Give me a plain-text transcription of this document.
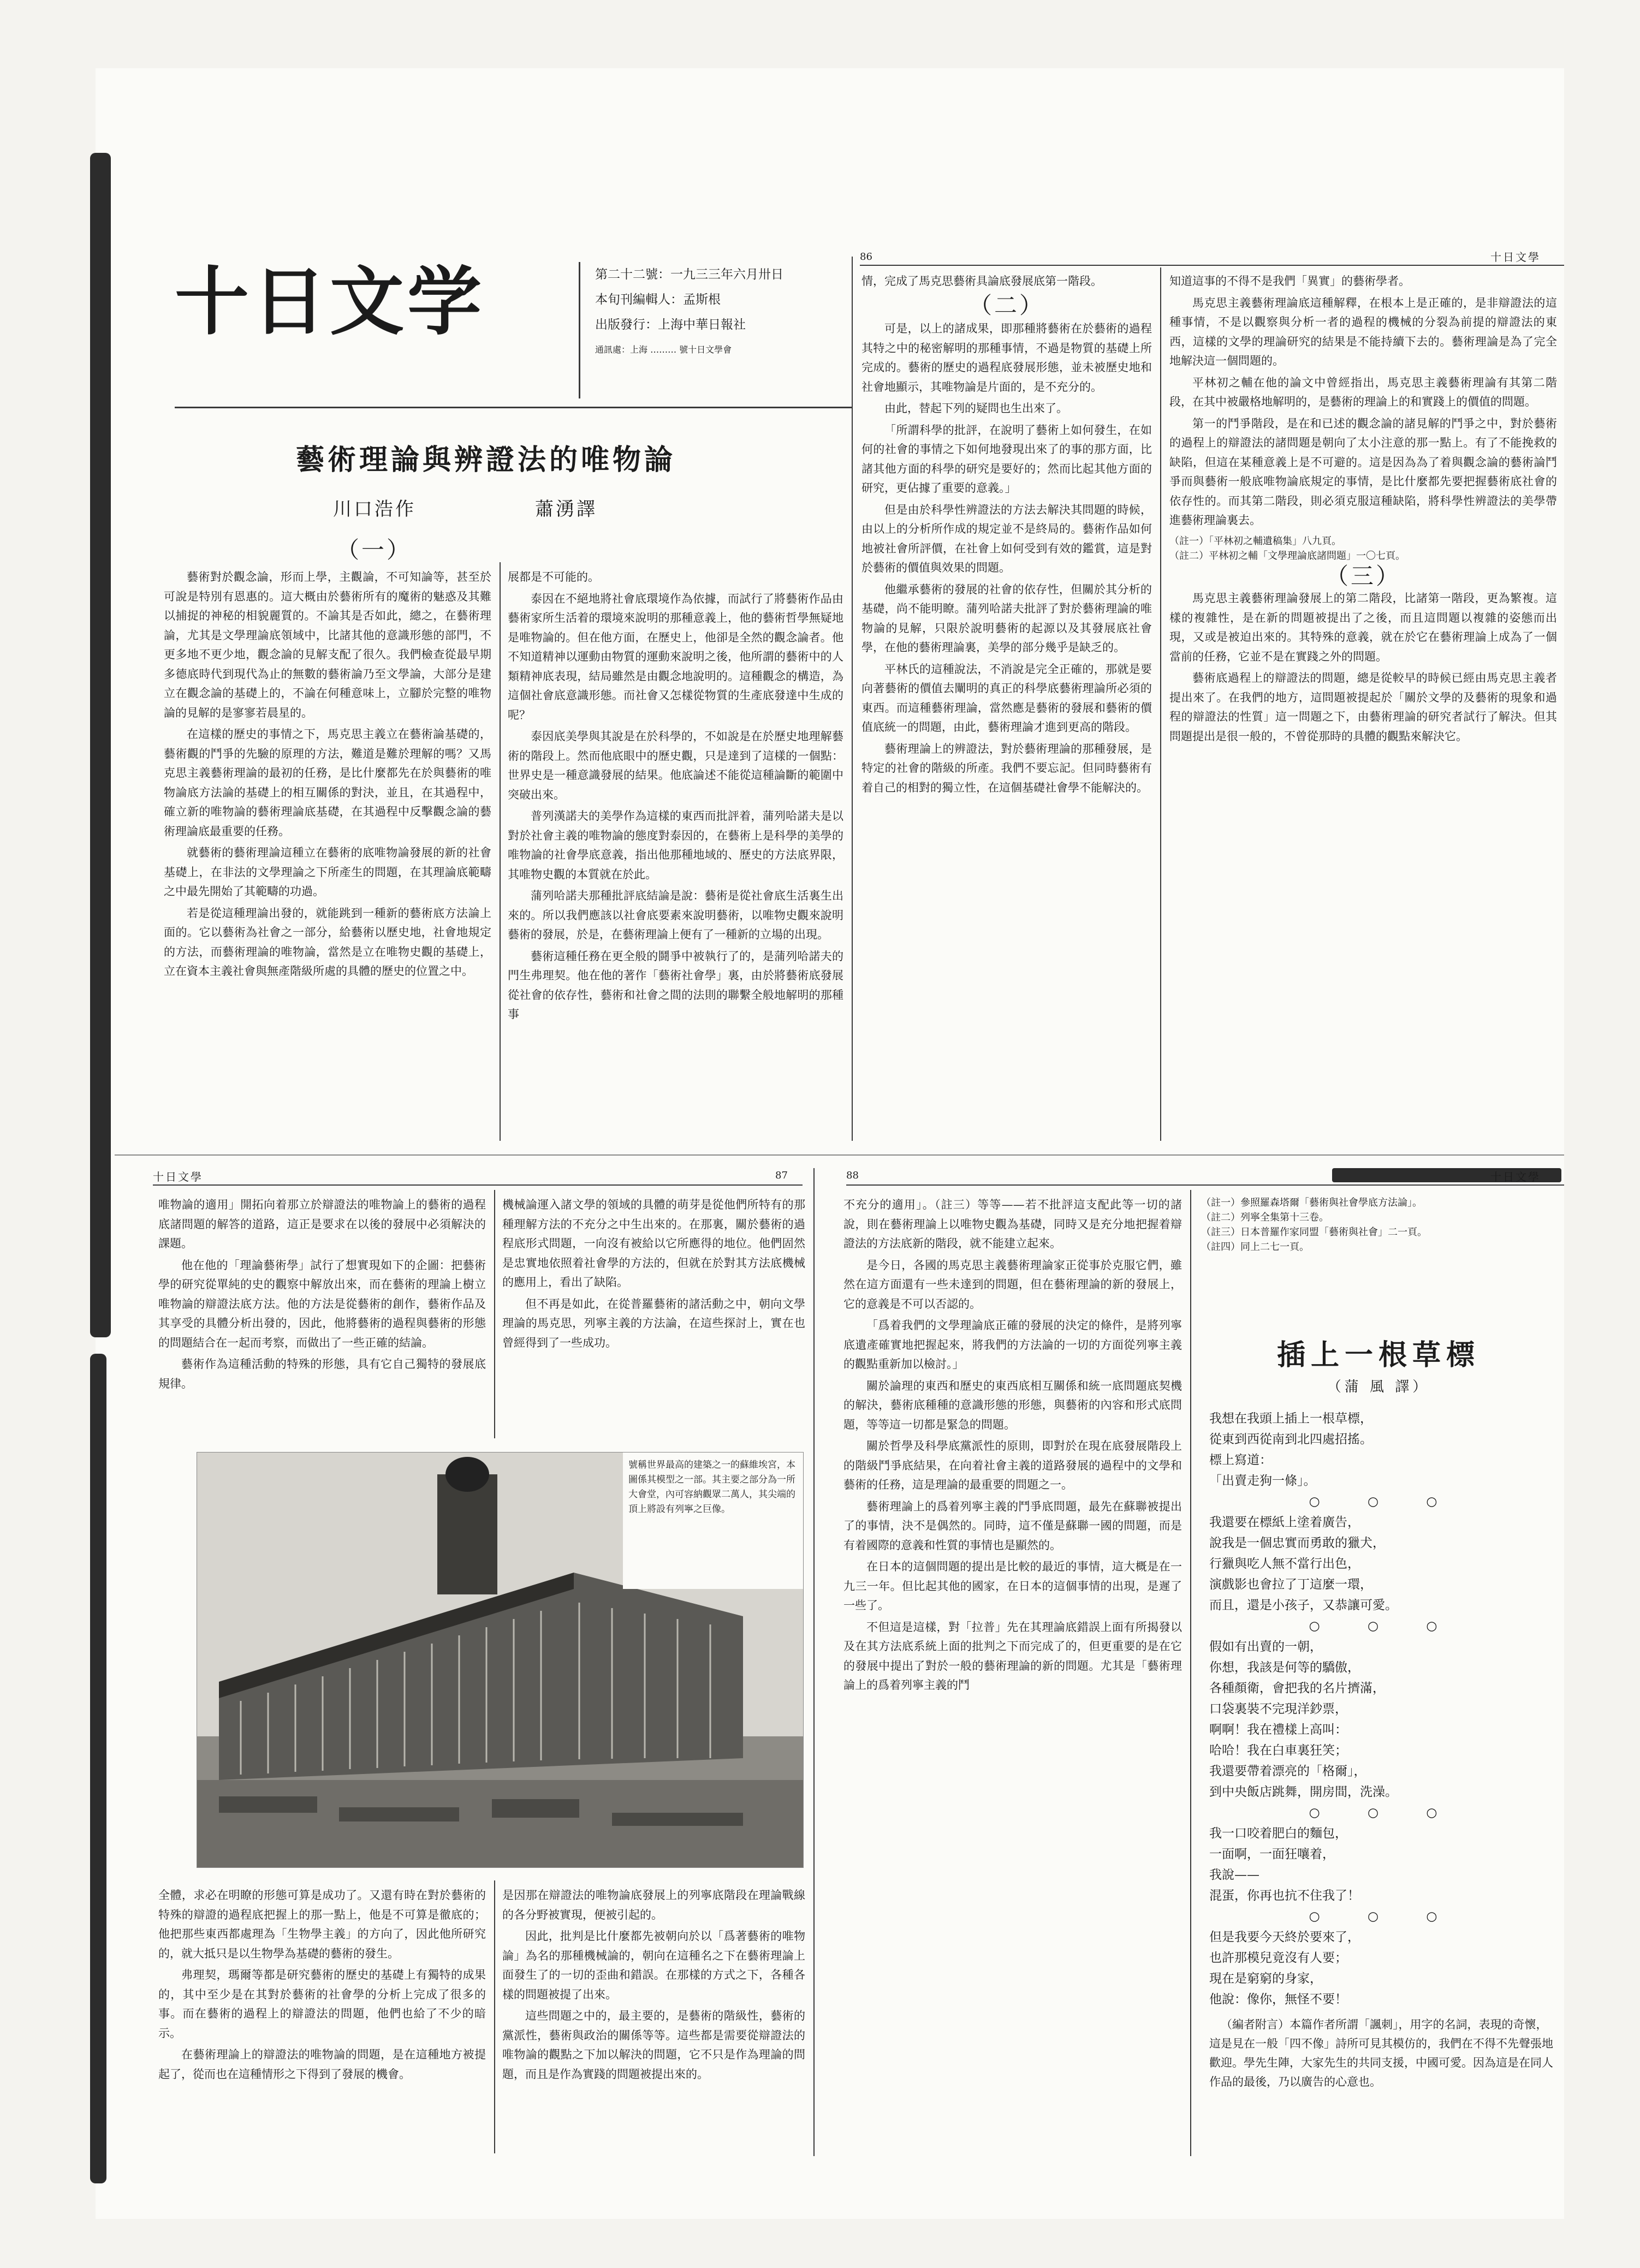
十日文学	第二十二號：一九三三年六月卅日
本旬刊編輯人：孟斯根
出版發行：上海中華日報社
通訊處：上海 ……… 號十日文學會
藝術理論與辨證法的唯物論
川口浩作	蕭湧譯
（一）
86	十日文學

藝術對於觀念論，形而上學，主觀論，不可知論等，甚至於可說是特別有恩惠的。這大概由於藝術所有的魔術的魅惑及其難以捕捉的神秘的相貌麗質的。不論其是否如此，總之，在藝術理論，尤其是文學理論底領域中，比諸其他的意識形態的部門，不更多地不更少地，觀念論的見解支配了很久。我們檢查從最早期多德底時代到現代為止的無數的藝術論乃至文學論，大部分是建立在觀念論的基礎上的，不論在何種意味上，立腳於完整的唯物論的見解的是寥寥若晨星的。

在這樣的歷史的事情之下，馬克思主義立在藝術論基礎的，藝術觀的鬥爭的先驗的原理的方法，難道是難於理解的嗎？又馬克思主義藝術理論的最初的任務，是比什麼都先在於與藝術的唯物論底方法論的基礎上的相互關係的對決，並且，在其過程中，確立新的唯物論的藝術理論底基礎，在其過程中反擊觀念論的藝術理論底最重要的任務。

就藝術的藝術理論這種立在藝術的底唯物論發展的新的社會基礎上，在非法的文學理論之下所產生的問題，在其理論底範疇之中最先開始了其範疇的功過。

若是從這種理論出發的，就能跳到一種新的藝術底方法論上面的。它以藝術為社會之一部分，給藝術以歷史地，社會地規定的方法，而藝術理論的唯物論，當然是立在唯物史觀的基礎上，立在資本主義社會與無產階級所處的具體的歷史的位置之中。

展都是不可能的。

泰因在不絕地將社會底環境作為依據，而試行了將藝術作品由藝術家所生活着的環境來說明的那種意義上，他的藝術哲學無疑地是唯物論的。但在他方面，在歷史上，他卻是全然的觀念論者。他不知道精神以運動由物質的運動來說明之後，他所謂的藝術中的人類精神底表現，結局雖然是由觀念地說明的。這種觀念的構造，為這個社會底意識形態。而社會又怎樣從物質的生產底發達中生成的呢？

泰因底美學與其說是在於科學的，不如說是在於歷史地理解藝術的階段上。然而他底眼中的歷史觀，只是達到了這樣的一個點：世界史是一種意識發展的結果。他底論述不能從這種論斷的範圍中突破出來。

普列漢諾夫的美學作為這樣的東西而批評着，蒲列哈諾夫是以對於社會主義的唯物論的態度對泰因的，在藝術上是科學的美學的唯物論的社會學底意義，指出他那種地域的、歷史的方法底界限，其唯物史觀的本質就在於此。

蒲列哈諾夫那種批評底結論是說：藝術是從社會底生活裏生出來的。所以我們應該以社會底要素來說明藝術，以唯物史觀來說明藝術的發展，於是，在藝術理論上便有了一種新的立場的出現。

藝術這種任務在更全般的鬪爭中被執行了的，是蒲列哈諾夫的門生弗理契。他在他的著作「藝術社會學」裏，由於將藝術底發展從社會的依存性，藝術和社會之間的法則的聯繫全般地解明的那種事

情，完成了馬克思藝術具論底發展底第一階段。

（二）

可是，以上的諸成果，即那種將藝術在於藝術的過程其特之中的秘密解明的那種事情，不過是物質的基礎上所完成的。藝術的歷史的過程底發展形態，並未被歷史地和社會地顯示，其唯物論是片面的，是不充分的。

由此，替起下列的疑問也生出來了。

「所謂科學的批評，在說明了藝術上如何發生，在如何的社會的事情之下如何地發現出來了的事的那方面，比諸其他方面的科學的研究是要好的；然而比起其他方面的研究，更佔據了重要的意義。」

但是由於科學性辨證法的方法去解決其問題的時候，由以上的分析所作成的規定並不是終局的。藝術作品如何地被社會所評價，在社會上如何受到有效的鑑賞，這是對於藝術的價值與效果的問題。

他繼承藝術的發展的社會的依存性，但關於其分析的基礎，尚不能明瞭。蒲列哈諾夫批評了對於藝術理論的唯物論的見解，只限於說明藝術的起源以及其發展底社會學，在他的藝術理論裏，美學的部分幾乎是缺乏的。

平林氏的這種說法，不消說是完全正確的，那就是要向著藝術的價值去闡明的真正的科學底藝術理論所必須的東西。而這種藝術理論，當然應是藝術的發展和藝術的價值底統一的問題，由此，藝術理論才進到更高的階段。

藝術理論上的辨證法，對於藝術理論的那種發展，是特定的社會的階級的所產。我們不要忘記。但同時藝術有着自己的相對的獨立性，在這個基礎社會學不能解決的。

知道這事的不得不是我們「異實」的藝術學者。

馬克思主義藝術理論底這種解釋，在根本上是正確的，是非辯證法的這種事情，不是以觀察與分析一者的過程的機械的分裂為前提的辯證法的東西，這樣的文學的理論研究的結果是不能持續下去的。藝術理論是為了完全地解決這一個問題的。

平林初之輔在他的論文中曾經指出，馬克思主義藝術理論有其第二階段，在其中被嚴格地解明的，是藝術的理論上的和實踐上的價值的問題。

第一的鬥爭階段，是在和已述的觀念論的諸見解的鬥爭之中，對於藝術的過程上的辯證法的諸問題是朝向了太小注意的那一點上。有了不能挽救的缺陷，但這在某種意義上是不可避的。這是因為為了着與觀念論的藝術論鬥爭而與藝術一般底唯物論底規定的事情，是比什麼都先要把握藝術底社會的依存性的。而其第二階段，則必須克服這種缺陷，將科學性辨證法的美學帶進藝術理論裏去。

（註一）「平林初之輔遺稿集」八九頁。
（註二）平林初之輔「文學理論底諸問題」一〇七頁。
（三）

馬克思主義藝術理論發展上的第二階段，比諸第一階段，更為繁複。這樣的複雜性，是在新的問題被提出了之後，而且這問題以複雜的姿態而出現，又或是被迫出來的。其特殊的意義，就在於它在藝術理論上成為了一個當前的任務，它並不是在實踐之外的問題。

藝術底過程上的辯證法的問題，總是從較早的時候已經由馬克思主義者提出來了。在我們的地方，這問題被提起於「關於文學的及藝術的現象和過程的辯證法的性質」這一問題之下，由藝術理論的研究者試行了解決。但其問題提出是很一般的，不曾從那時的具體的觀點來解決它。

十日文學	87	88	十日文學

唯物論的適用」開拓向着那立於辯證法的唯物論上的藝術的過程底諸問題的解答的道路，這正是要求在以後的發展中必須解決的課題。

他在他的「理論藝術學」試行了想實現如下的企圖：把藝術學的研究從單純的史的觀察中解放出來，而在藝術的理論上樹立唯物論的辯證法底方法。他的方法是從藝術的創作，藝術作品及其享受的具體分析出發的，因此，他將藝術的過程與藝術的形態的問題結合在一起而考察，而做出了一些正確的結論。

藝術作為這種活動的特殊的形態，具有它自己獨特的發展底規律。

機械論運入諸文學的領域的具體的萌芽是從他們所特有的那種理解方法的不充分之中生出來的。在那裏，關於藝術的過程底形式問題，一向沒有被給以它所應得的地位。他們固然是忠實地依照着社會學的方法的，但就在於對其方法底機械的應用上，看出了缺陷。

但不再是如此，在從普羅藝術的諸活動之中，朝向文學理論的馬克思，列寧主義的方法論，在這些探討上，實在也曾經得到了一些成功。

號稱世界最高的建築之一的蘇維埃宮，本圖係其模型之一部。其主要之部分為一所大會堂，內可容納觀眾二萬人，其尖端的頂上將設有列寧之巨像。

全體，求必在明瞭的形態可算是成功了。又還有時在對於藝術的特殊的辯證的過程底把握上的那一點上，他是不可算是徹底的；他把那些東西都處理為「生物學主義」的方向了，因此他所研究的，就大抵只是以生物學為基礎的藝術的發生。

弗理契，瑪爾等都是研究藝術的歷史的基礎上有獨特的成果的，其中至少是在其對於藝術的社會學的分析上完成了很多的事。而在藝術的過程上的辯證法的問題，他們也給了不少的暗示。

在藝術理論上的辯證法的唯物論的問題，是在這種地方被提起了，從而也在這種情形之下得到了發展的機會。

是因那在辯證法的唯物論底發展上的列寧底階段在理論戰線的各分野被實現，便被引起的。

因此，批判是比什麼都先被朝向於以「爲著藝術的唯物論」為名的那種機械論的，朝向在這種名之下在藝術理論上面發生了的一切的歪曲和錯誤。在那樣的方式之下，各種各樣的問題被提了出來。

這些問題之中的，最主要的，是藝術的階級性，藝術的黨派性，藝術與政治的關係等等。這些都是需要從辯證法的唯物論的觀點之下加以解決的問題，它不只是作為理論的問題，而且是作為實踐的問題被提出來的。

不充分的適用」。（註三）等等——若不批評這支配此等一切的諸說，則在藝術理論上以唯物史觀為基礎，同時又是充分地把握着辯證法的方法底新的階段，就不能建立起來。

是今日，各國的馬克思主義藝術理論家正從事於克服它們，雖然在這方面還有一些未達到的問題，但在藝術理論的新的發展上，它的意義是不可以否認的。

「爲着我們的文學理論底正確的發展的決定的條件，是將列寧底遺產確實地把握起來，將我們的方法論的一切的方面從列寧主義的觀點重新加以檢討。」

關於論理的東西和歷史的東西底相互關係和統一底問題底契機的解決，藝術底種種的意識形態的形態，與藝術的內容和形式底問題，等等這一切都是緊急的問題。

關於哲學及科學底黨派性的原則，即對於在現在底發展階段上的階級鬥爭底結果，在向着社會主義的道路發展的過程中的文學和藝術的任務，這是理論的最重要的問題之一。

藝術理論上的爲着列寧主義的鬥爭底問題，最先在蘇聯被提出了的事情，決不是偶然的。同時，這不僅是蘇聯一國的問題，而是有着國際的意義和性質的事情也是顯然的。

在日本的這個問題的提出是比較的最近的事情，這大概是在一九三一年。但比起其他的國家，在日本的這個事情的出現，是遲了一些了。

不但這是這樣，對「拉普」先在其理論底錯誤上面有所揭發以及在其方法底系統上面的批判之下而完成了的，但更重要的是在它的發展中提出了對於一般的藝術理論的新的問題。尤其是「藝術理論上的爲着列寧主義的鬥

（註一）參照羅森塔爾「藝術與社會學底方法論」。
（註二）列寧全集第十三卷。
（註三）日本普羅作家同盟「藝術與社會」二一頁。
（註四）同上二七一頁。
插上一根草標
（蒲 風 譯）
我想在我頭上插上一根草標，
從東到西從南到北四處招搖。
標上寫道：
「出賣走狗一條」。
○ ○ ○
我還要在標紙上塗着廣告，
說我是一個忠實而勇敢的獵犬，
行獵與吃人無不當行出色，
演戲影也會拉了丁這麼一環，
而且，還是小孩子，又恭讓可愛。
○ ○ ○
假如有出賣的一朝，
你想，我該是何等的驕傲，
各種顏衛，會把我的名片擠滿，
口袋裏裝不完現洋鈔票，
啊啊！我在禮樣上高叫：
哈哈！我在白車裏狂笑；
我還要帶着漂亮的「格爾」，
到中央飯店跳舞，開房間，洗澡。
○ ○ ○
我一口咬着肥白的麵包，
一面啊，一面狂嚷着，
我說——
混蛋，你再也抗不住我了！
○ ○ ○
但是我要今天終於要來了，
也許那模兒竟沒有人要；
現在是窮窮的身家，
他說：像你，無怪不要！
（編者附言）本篇作者所謂「諷刺」，用字的名詞，表現的奇懷，這是見在一般「四不像」詩所可見其模仿的，我們在不得不先聲張地歡迎。學先生陣，大家先生的共同支援，中國可愛。因為這是在同人作品的最後，乃以廣告的心意也。
